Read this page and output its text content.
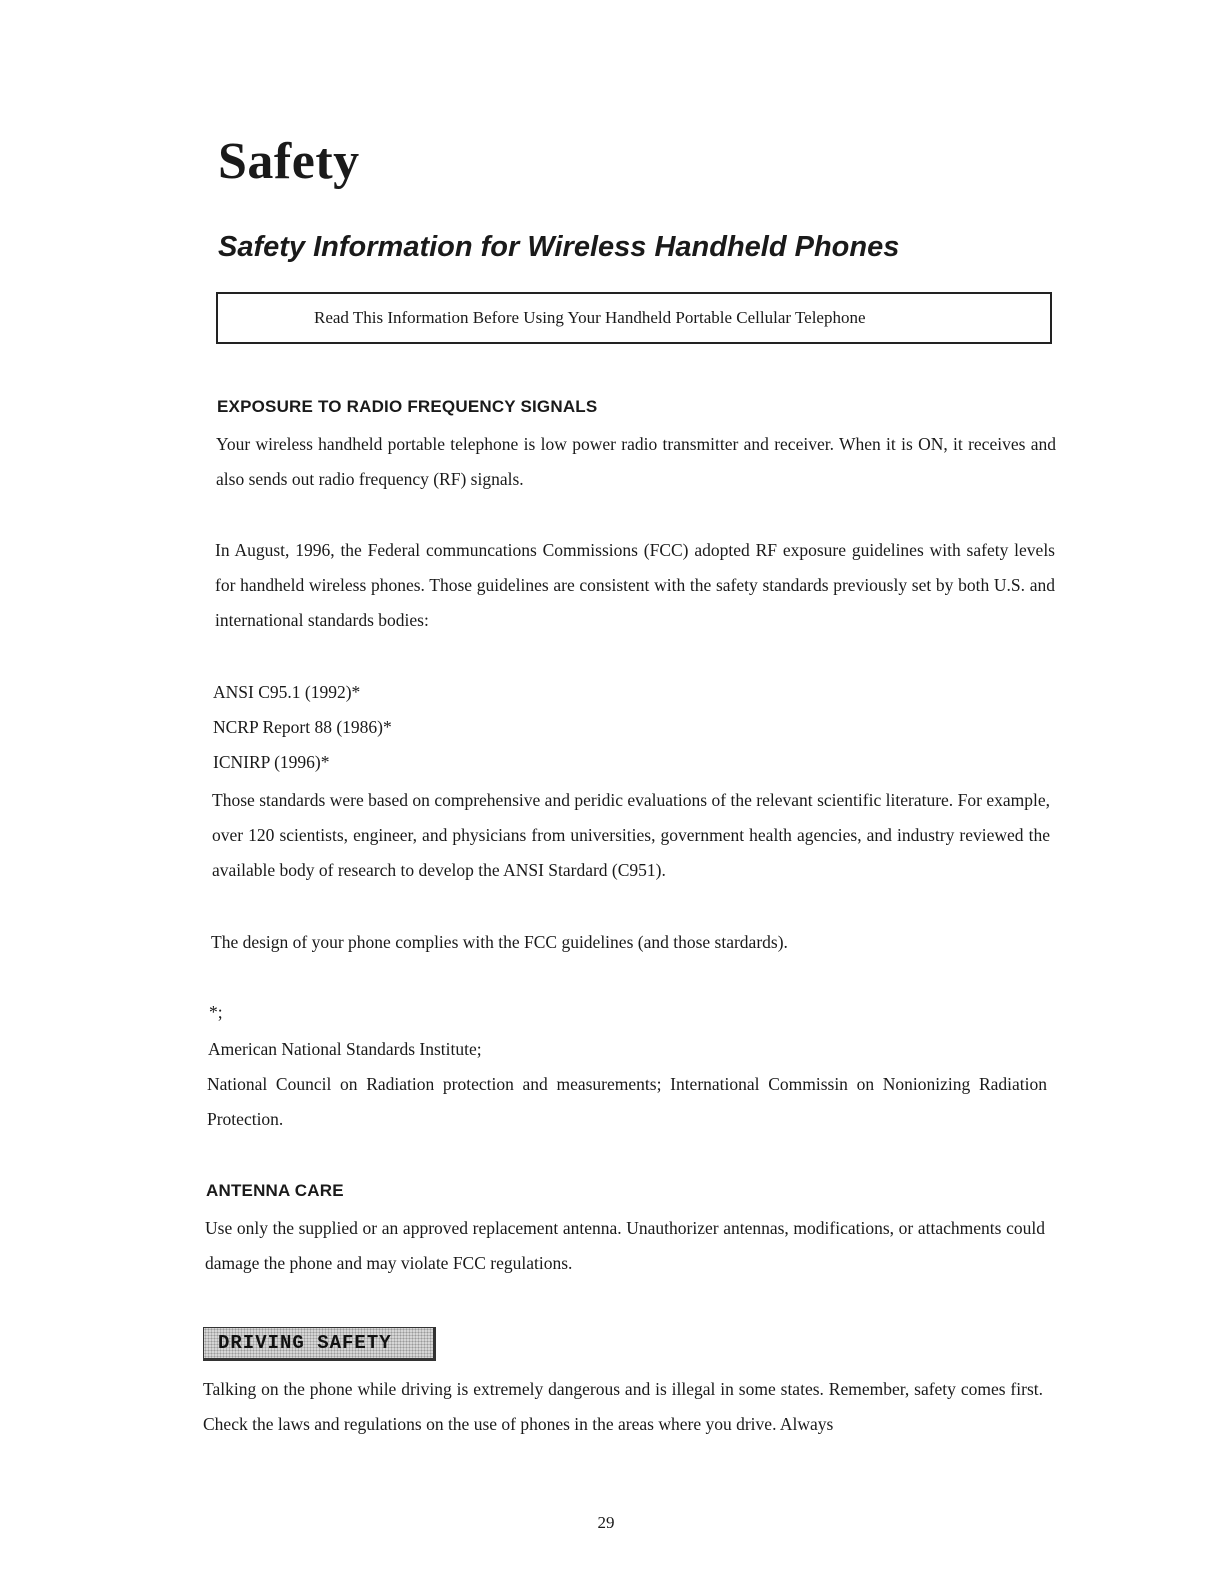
Safety
Safety Information for Wireless Handheld Phones
Read This Information Before Using Your Handheld Portable Cellular Telephone
EXPOSURE TO RADIO FREQUENCY SIGNALS

Your wireless handheld portable telephone is low power radio transmitter and receiver. When it is ON, it receives and also sends out radio frequency (RF) signals.

In August, 1996, the Federal communcations Commissions (FCC) adopted RF exposure guidelines with safety levels for handheld wireless phones. Those guidelines are consistent with the safety standards previously set by both U.S. and international standards bodies:

ANSI C95.1 (1992)*

NCRP Report 88 (1986)*

ICNIRP (1996)*

Those standards were based on comprehensive and peridic evaluations of the relevant scientific literature. For example, over 120 scientists, engineer, and physicians from universities, government health agencies, and industry reviewed the available body of research to develop the ANSI Stardard (C951).

The design of your phone complies with the FCC guidelines (and those stardards).

*;

American National Standards Institute;

National Council on Radiation protection and measurements; International Commissin on Nonionizing Radiation Protection.

ANTENNA CARE

Use only the supplied or an approved replacement antenna. Unauthorizer antennas, modifications, or attachments could damage the phone and may violate FCC regulations.

DRIVING SAFETY

Talking on the phone while driving is extremely dangerous and is illegal in some states. Remember, safety comes first. Check the laws and regulations on the use of phones in the areas where you drive. Always

29
